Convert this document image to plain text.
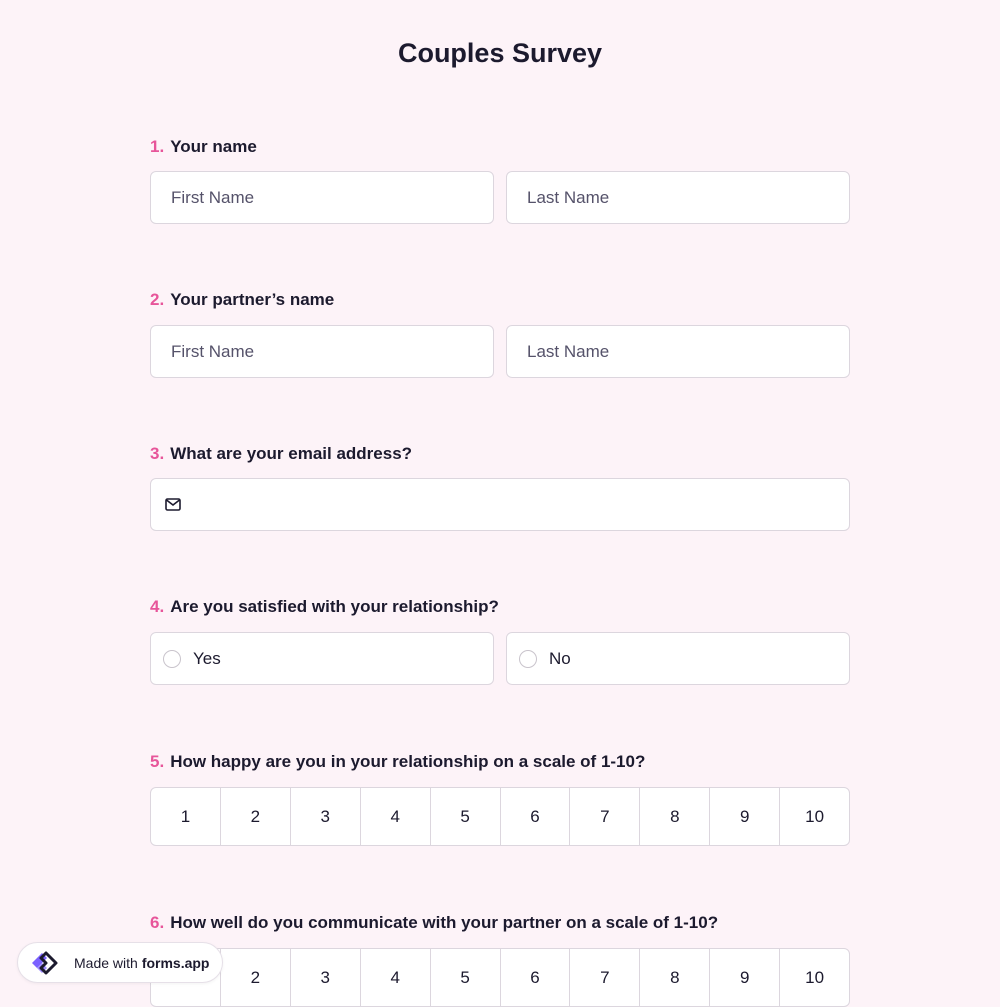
Couples Survey
1. Your name
First Name	Last Name
2. Your partner’s name
First Name	Last Name
3. What are your email address?
4. Are you satisfied with your relationship?
Yes	No
5. How happy are you in your relationship on a scale of 1-10?
1	2	3	4	5	6	7	8	9	10
6. How well do you communicate with your partner on a scale of 1-10?
2	3	4	5	6	7	8	9	10
Made with forms.app
